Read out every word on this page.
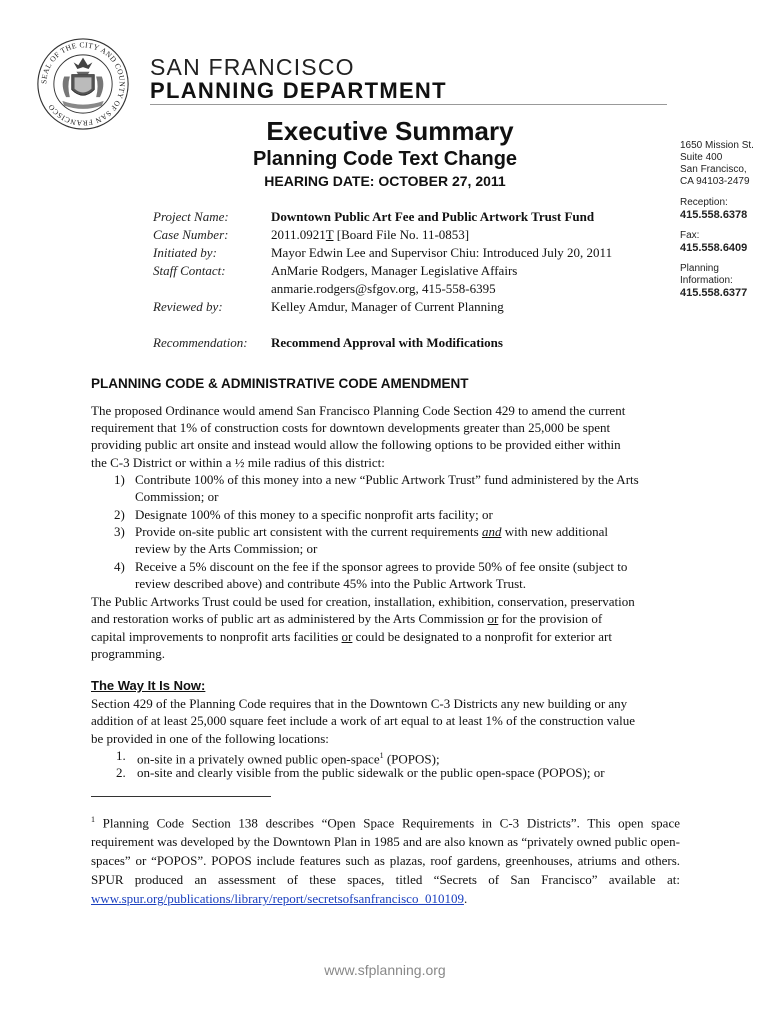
SEAL OF THE CITY AND COUNTY OF SAN FRANCISCO
SAN FRANCISCO
PLANNING DEPARTMENT
Executive Summary
Planning Code Text Change
HEARING DATE: OCTOBER 27, 2011
1650 Mission St.
Suite 400
San Francisco,
CA 94103-2479
Reception:
415.558.6378
Fax:
415.558.6409
Planning
Information:
415.558.6377
Project Name:	Downtown Public Art Fee and Public Artwork Trust Fund
Case Number:	2011.0921T [Board File No. 11-0853]
Initiated by:	Mayor Edwin Lee and Supervisor Chiu: Introduced July 20, 2011
Staff Contact:	AnMarie Rodgers, Manager Legislative Affairs
anmarie.rodgers@sfgov.org, 415-558-6395
Reviewed by:	Kelley Amdur, Manager of Current Planning
Recommendation: Recommend Approval with Modifications
PLANNING CODE & ADMINISTRATIVE CODE AMENDMENT
The proposed Ordinance would amend San Francisco Planning Code Section 429 to amend the current
requirement that 1% of construction costs for downtown developments greater than 25,000 be spent
providing public art onsite and instead would allow the following options to be provided either within
the C-3 District or within a ½ mile radius of this district:
1) Contribute 100% of this money into a new “Public Artwork Trust” fund administered by the Arts
Commission; or
2) Designate 100% of this money to a specific nonprofit arts facility; or
3) Provide on-site public art consistent with the current requirements and with new additional
review by the Arts Commission; or
4) Receive a 5% discount on the fee if the sponsor agrees to provide 50% of fee onsite (subject to
review described above) and contribute 45% into the Public Artwork Trust.
The Public Artworks Trust could be used for creation, installation, exhibition, conservation, preservation
and restoration works of public art as administered by the Arts Commission or for the provision of
capital improvements to nonprofit arts facilities or could be designated to a nonprofit for exterior art
programming.
The Way It Is Now:
Section 429 of the Planning Code requires that in the Downtown C-3 Districts any new building or any
addition of at least 25,000 square feet include a work of art equal to at least 1% of the construction value
be provided in one of the following locations:
1. on-site in a privately owned public open-space$^1$ (POPOS);
2. on-site and clearly visible from the public sidewalk or the public open-space (POPOS); or
$^1$ Planning Code Section 138 describes “Open Space Requirements in C-3 Districts”. This open space requirement was developed by the Downtown Plan in 1985 and are also known as “privately owned public open-spaces” or “POPOS”. POPOS include features such as plazas, roof gardens, greenhouses, atriums and others. SPUR produced an assessment of these spaces, titled “Secrets of San Francisco” available at: www.spur.org/publications/library/report/secretsofsanfrancisco_010109.
www.sfplanning.org
